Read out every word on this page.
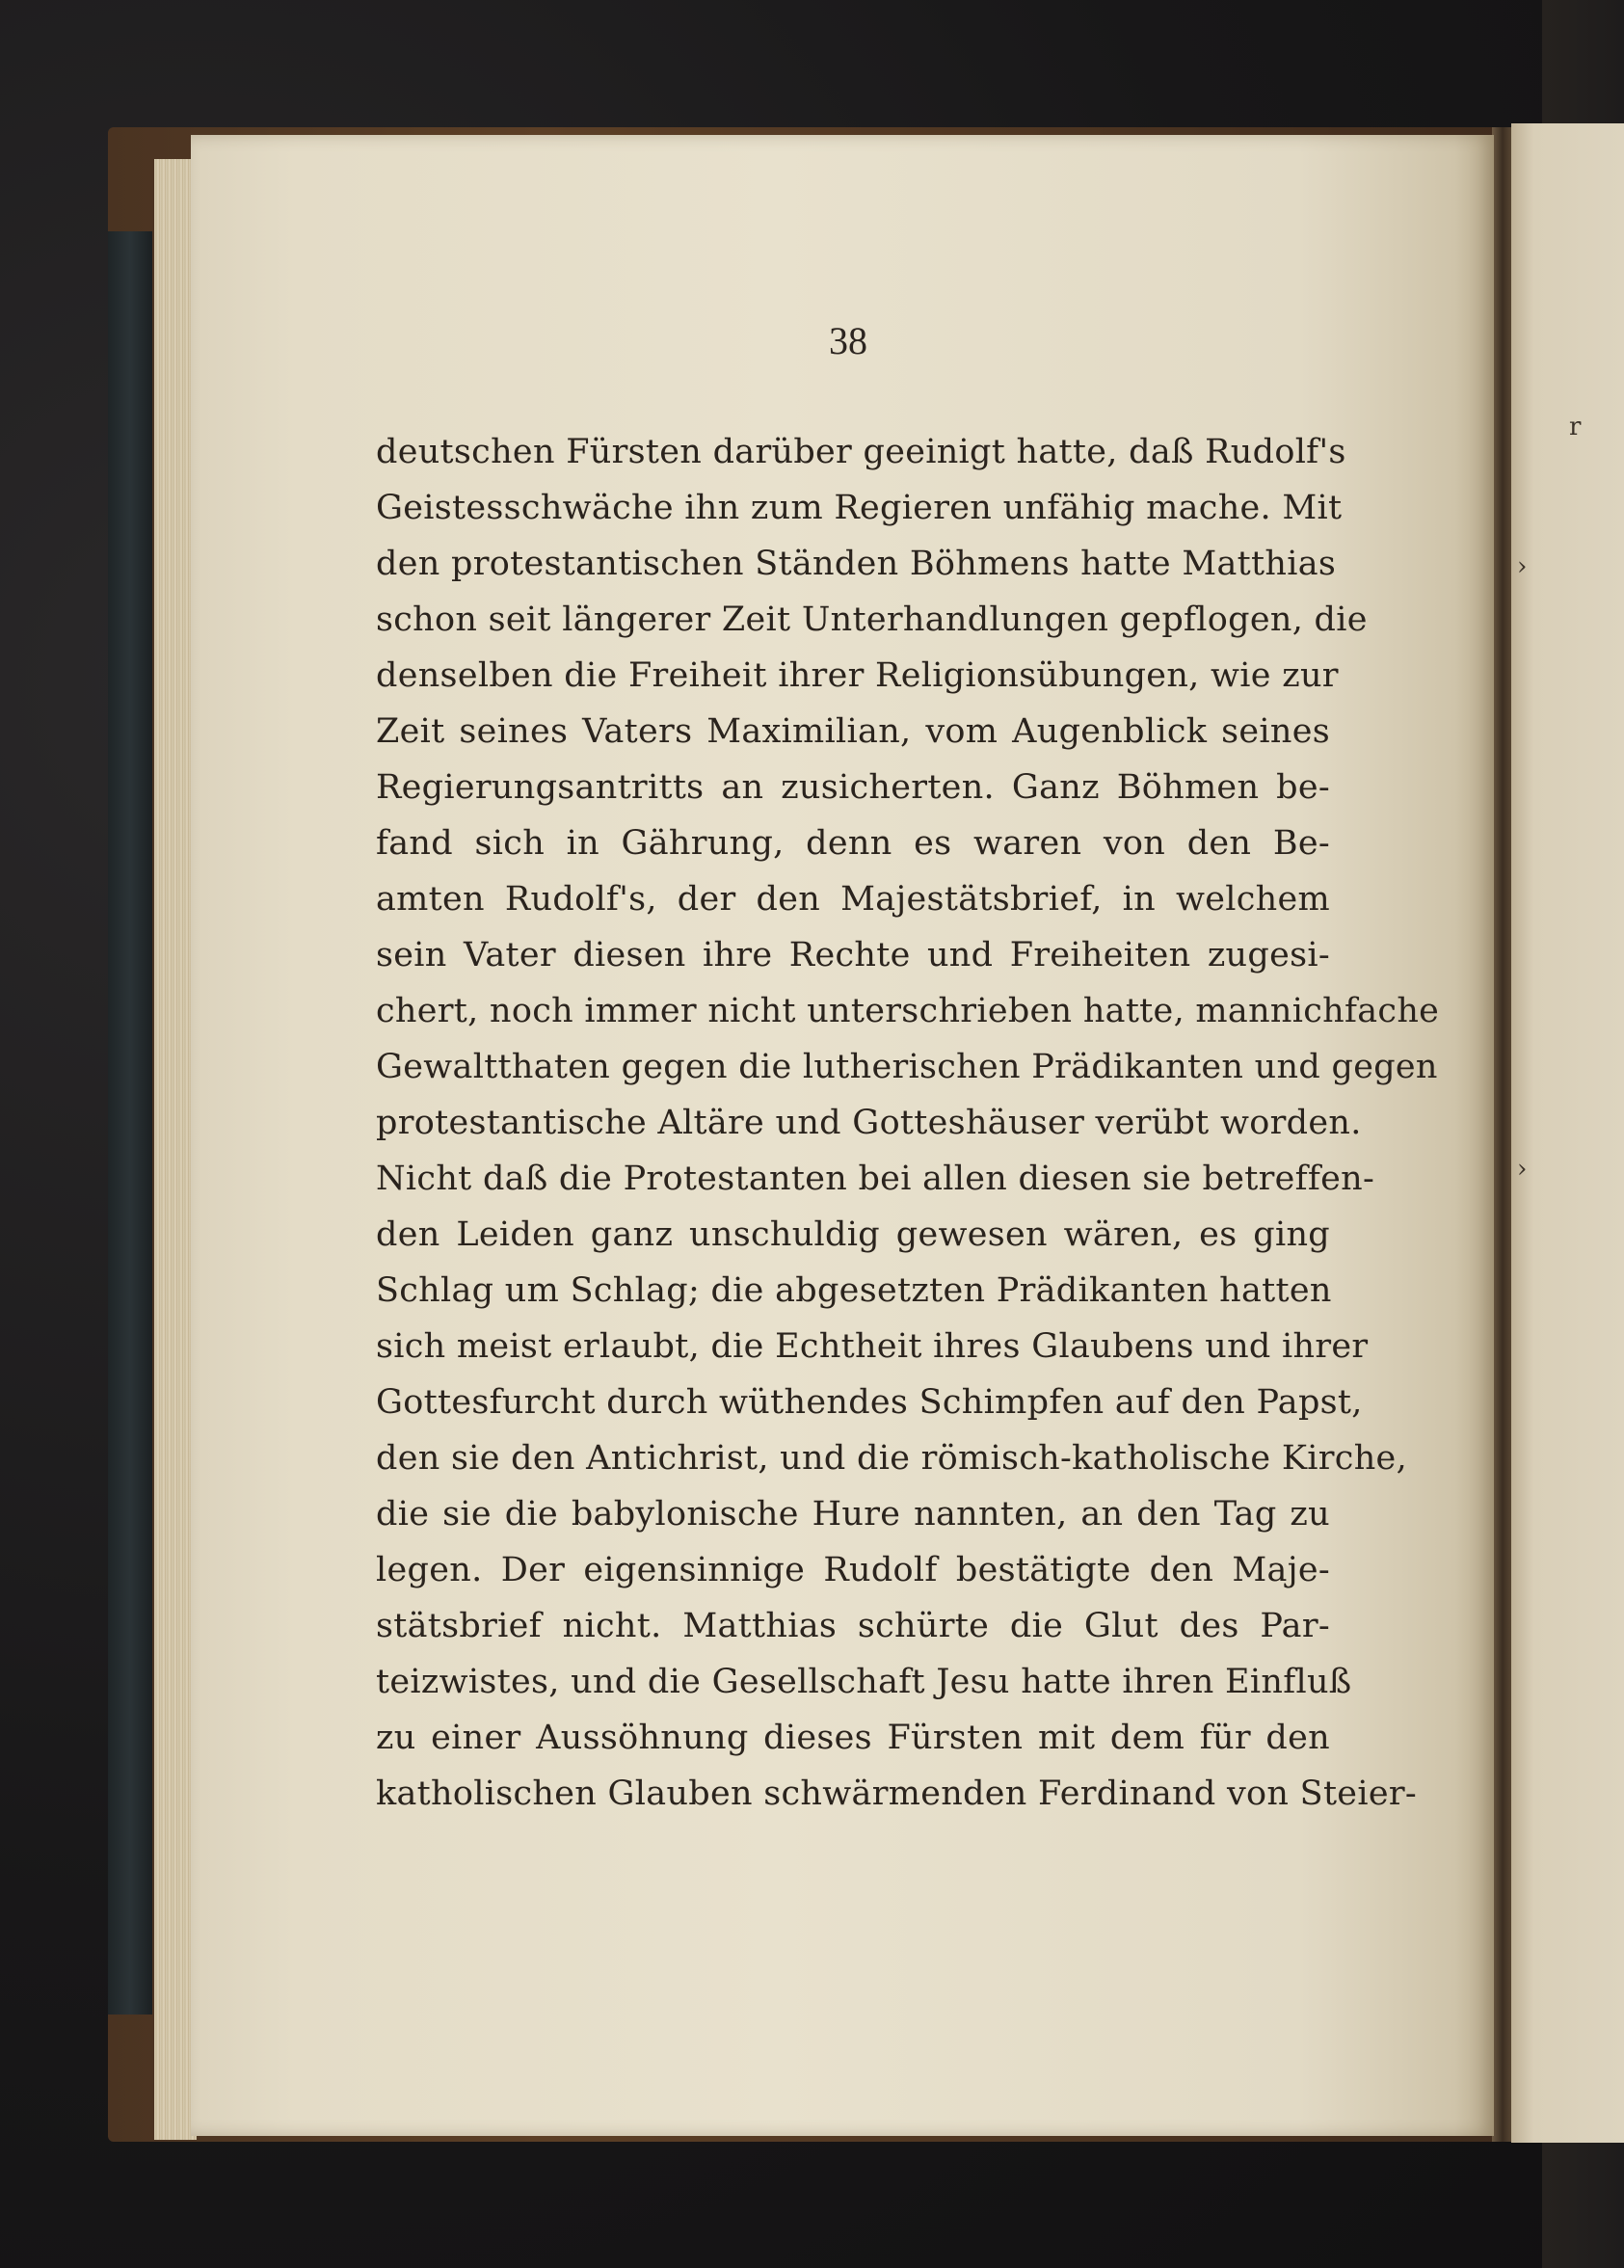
r
›
›
38
deutschen Fürsten darüber geeinigt hatte, daß Rudolf's
Geistesschwäche ihn zum Regieren unfähig mache. Mit
den protestantischen Ständen Böhmens hatte Matthias
schon seit längerer Zeit Unterhandlungen gepflogen, die
denselben die Freiheit ihrer Religionsübungen, wie zur
Zeit seines Vaters Maximilian, vom Augenblick seines
Regierungsantritts an zusicherten. Ganz Böhmen be-
fand sich in Gährung, denn es waren von den Be-
amten Rudolf's, der den Majestätsbrief, in welchem
sein Vater diesen ihre Rechte und Freiheiten zugesi-
chert, noch immer nicht unterschrieben hatte, mannichfache
Gewaltthaten gegen die lutherischen Prädikanten und gegen
protestantische Altäre und Gotteshäuser verübt worden.
Nicht daß die Protestanten bei allen diesen sie betreffen-
den Leiden ganz unschuldig gewesen wären, es ging
Schlag um Schlag; die abgesetzten Prädikanten hatten
sich meist erlaubt, die Echtheit ihres Glaubens und ihrer
Gottesfurcht durch wüthendes Schimpfen auf den Papst,
den sie den Antichrist, und die römisch-katholische Kirche,
die sie die babylonische Hure nannten, an den Tag zu
legen. Der eigensinnige Rudolf bestätigte den Maje-
stätsbrief nicht. Matthias schürte die Glut des Par-
teizwistes, und die Gesellschaft Jesu hatte ihren Einfluß
zu einer Aussöhnung dieses Fürsten mit dem für den
katholischen Glauben schwärmenden Ferdinand von Steier-
